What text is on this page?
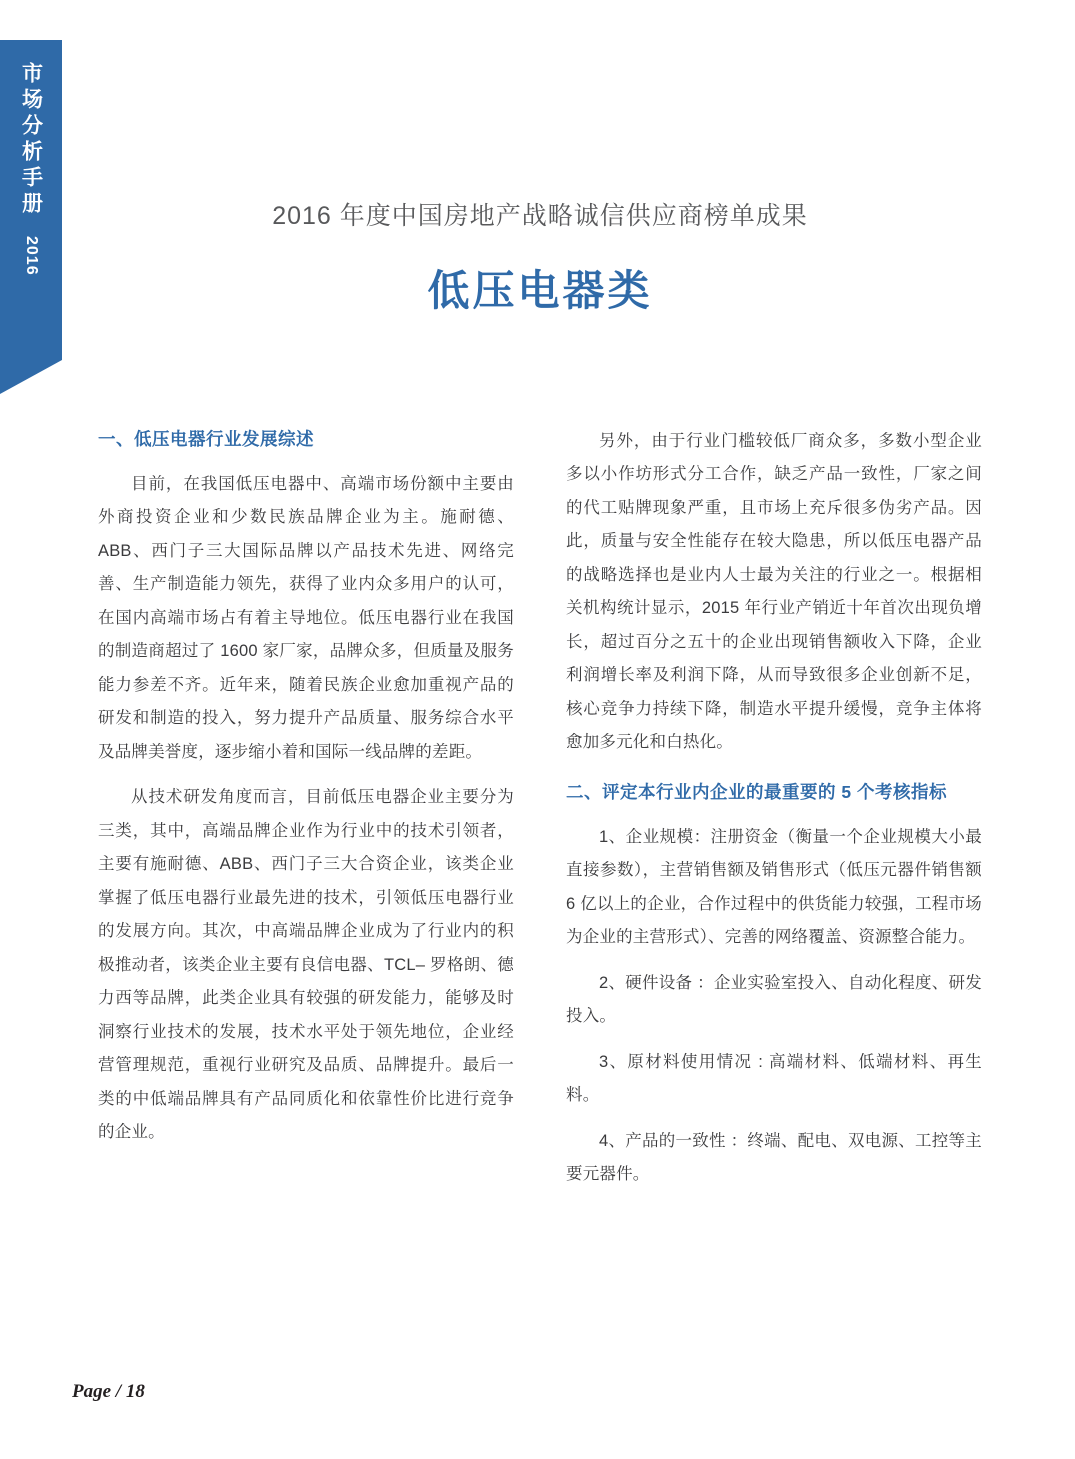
市场分析手册
2016
2016 年度中国房地产战略诚信供应商榜单成果
低压电器类
一、低压电器行业发展综述

目前，在我国低压电器中、高端市场份额中主要由外商投资企业和少数民族品牌企业为主。施耐德、ABB、西门子三大国际品牌以产品技术先进、网络完善、生产制造能力领先，获得了业内众多用户的认可，在国内高端市场占有着主导地位。低压电器行业在我国的制造商超过了 1600 家厂家，品牌众多，但质量及服务能力参差不齐。近年来，随着民族企业愈加重视产品的研发和制造的投入，努力提升产品质量、服务综合水平及品牌美誉度，逐步缩小着和国际一线品牌的差距。

从技术研发角度而言，目前低压电器企业主要分为三类，其中，高端品牌企业作为行业中的技术引领者，主要有施耐德、ABB、西门子三大合资企业，该类企业掌握了低压电器行业最先进的技术，引领低压电器行业的发展方向。其次，中高端品牌企业成为了行业内的积极推动者，该类企业主要有良信电器、TCL– 罗格朗、德力西等品牌，此类企业具有较强的研发能力，能够及时洞察行业技术的发展，技术水平处于领先地位，企业经营管理规范，重视行业研究及品质、品牌提升。最后一类的中低端品牌具有产品同质化和依靠性价比进行竞争的企业。

另外，由于行业门槛较低厂商众多，多数小型企业多以小作坊形式分工合作，缺乏产品一致性，厂家之间的代工贴牌现象严重，且市场上充斥很多伪劣产品。因此，质量与安全性能存在较大隐患，所以低压电器产品的战略选择也是业内人士最为关注的行业之一。根据相关机构统计显示，2015 年行业产销近十年首次出现负增长，超过百分之五十的企业出现销售额收入下降，企业利润增长率及利润下降，从而导致很多企业创新不足，核心竞争力持续下降，制造水平提升缓慢，竞争主体将愈加多元化和白热化。

二、评定本行业内企业的最重要的 5 个考核指标

1、企业规模：注册资金（衡量一个企业规模大小最直接参数），主营销售额及销售形式（低压元器件销售额 6 亿以上的企业，合作过程中的供货能力较强，工程市场为企业的主营形式）、完善的网络覆盖、资源整合能力。

2、硬件设备 ：企业实验室投入、自动化程度、研发投入。

3、原材料使用情况 : 高端材料、低端材料、再生料。

4、产品的一致性 ：终端、配电、双电源、工控等主要元器件。

Page / 18
